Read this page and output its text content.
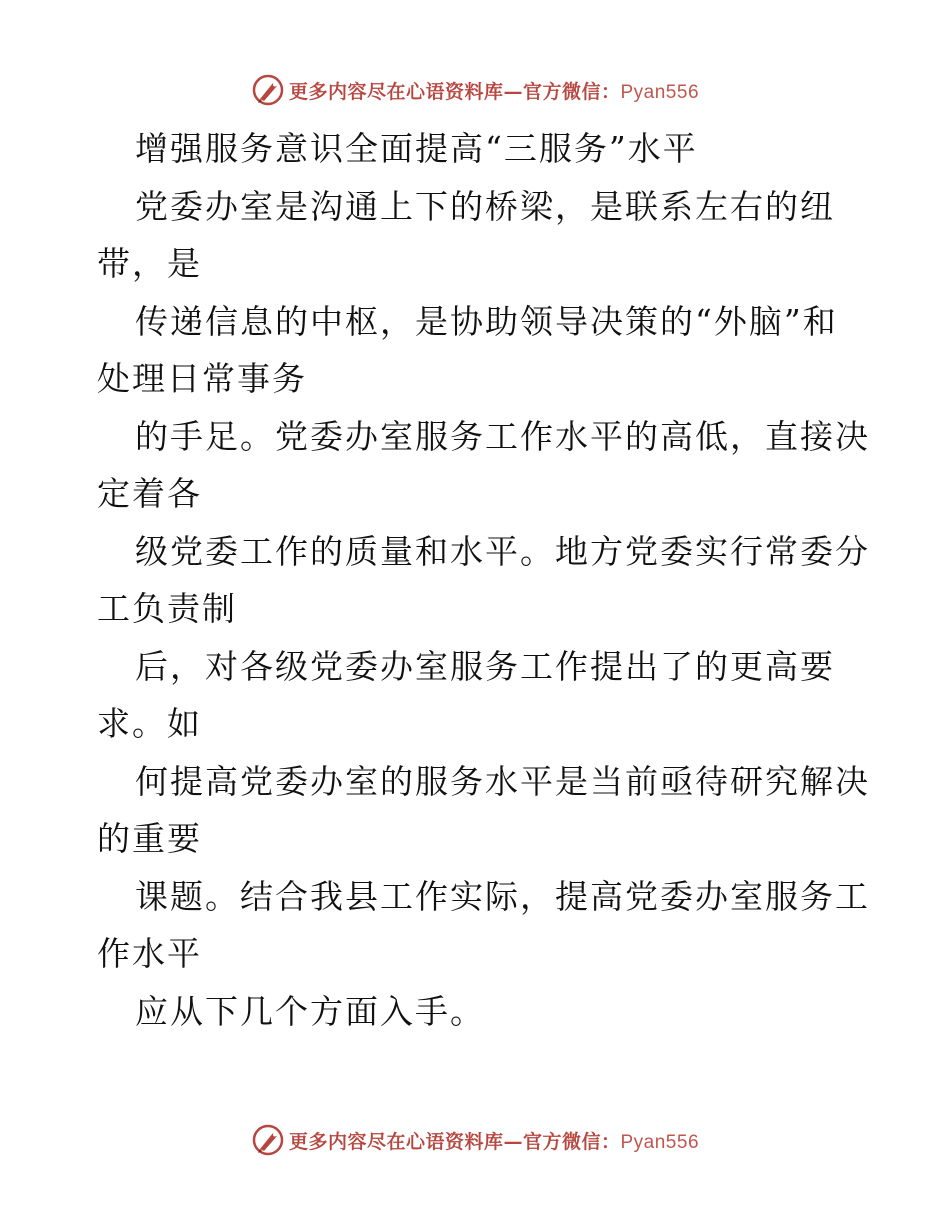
更多内容尽在心语资料库—官方微信：Pyan556
增强服务意识全面提高“三服务”水平
党委办室是沟通上下的桥梁，是联系左右的纽
带，是
传递信息的中枢，是协助领导决策的“外脑”和
处理日常事务
的手足。党委办室服务工作水平的高低，直接决
定着各
级党委工作的质量和水平。地方党委实行常委分
工负责制
后，对各级党委办室服务工作提出了的更高要
求。如
何提高党委办室的服务水平是当前亟待研究解决
的重要
课题。结合我县工作实际，提高党委办室服务工
作水平
应从下几个方面入手。
更多内容尽在心语资料库—官方微信：Pyan556
